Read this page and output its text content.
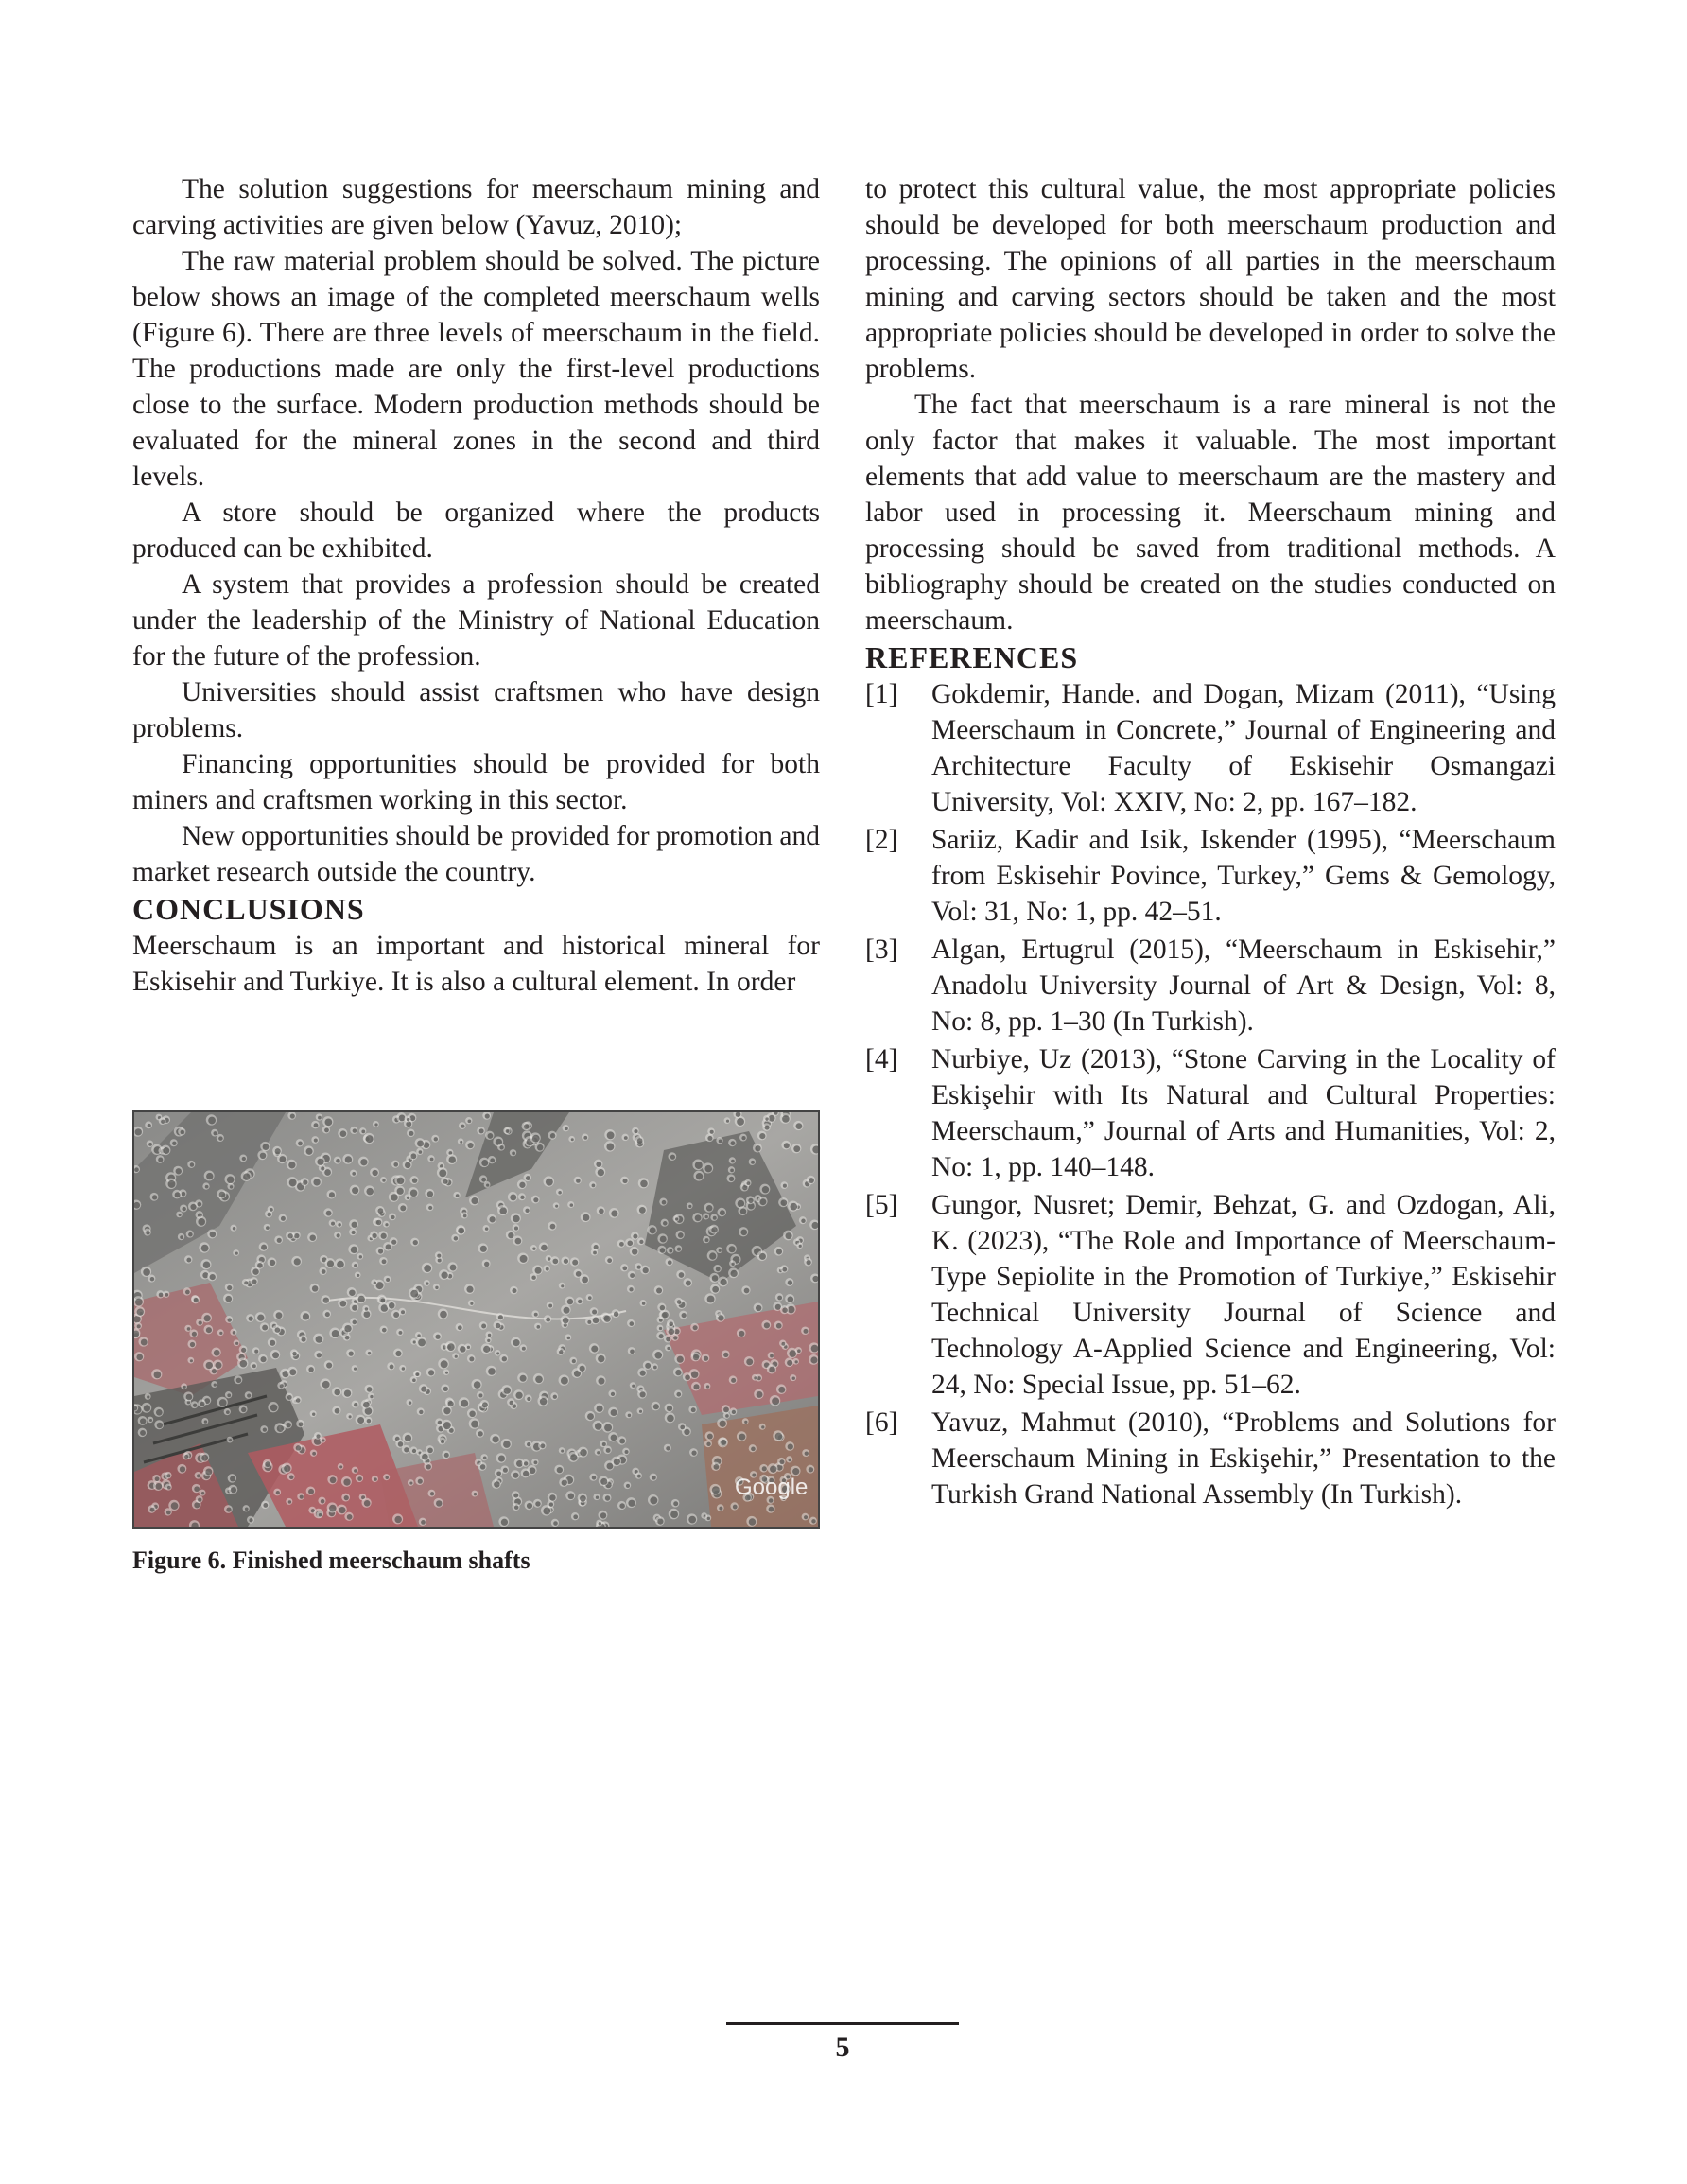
The solution suggestions for meerschaum mining and carving activities are given below (Yavuz, 2010);

The raw material problem should be solved. The picture below shows an image of the completed meerschaum wells (Figure 6). There are three levels of meerschaum in the field. The productions made are only the first-level productions close to the surface. Modern production methods should be evaluated for the mineral zones in the second and third levels.

A store should be organized where the products produced can be exhibited.

A system that provides a profession should be created under the leadership of the Ministry of National Education for the future of the profession.

Universities should assist craftsmen who have design problems.

Financing opportunities should be provided for both miners and craftsmen working in this sector.

New opportunities should be provided for promotion and market research outside the country.

CONCLUSIONS

Meerschaum is an important and historical mineral for Eskisehir and Turkiye. It is also a cultural element. In order

Google
Figure 6. Finished meerschaum shafts

to protect this cultural value, the most appropriate policies should be developed for both meerschaum production and processing. The opinions of all parties in the meerschaum mining and carving sectors should be taken and the most appropriate policies should be developed in order to solve the problems.

The fact that meerschaum is a rare mineral is not the only factor that makes it valuable. The most important elements that add value to meerschaum are the mastery and labor used in processing it. Meerschaum mining and processing should be saved from traditional methods. A bibliography should be created on the studies conducted on meerschaum.

REFERENCES
[1]	Gokdemir, Hande. and Dogan, Mizam (2011), “Using Meerschaum in Concrete,” Journal of Engineering and Architecture Faculty of Eskisehir Osmangazi University, Vol: XXIV, No: 2, pp. 167–182.
[2]	Sariiz, Kadir and Isik, Iskender (1995), “Meerschaum from Eskisehir Povince, Turkey,” Gems & Gemology, Vol: 31, No: 1, pp. 42–51.
[3]	Algan, Ertugrul (2015), “Meerschaum in Eskisehir,” Anadolu University Journal of Art & Design, Vol: 8, No: 8, pp. 1–30 (In Turkish).
[4]	Nurbiye, Uz (2013), “Stone Carving in the Locality of Eskişehir with Its Natural and Cultural Properties: Meerschaum,” Journal of Arts and Humanities, Vol: 2, No: 1, pp. 140–148.
[5]	Gungor, Nusret; Demir, Behzat, G. and Ozdogan, Ali, K. (2023), “The Role and Importance of Meerschaum-Type Sepiolite in the Promotion of Turkiye,” Eskisehir Technical University Journal of Science and Technology A-Applied Science and Engineering, Vol: 24, No: Special Issue, pp. 51–62.
[6]	Yavuz, Mahmut (2010), “Problems and Solutions for Meerschaum Mining in Eskişehir,” Presentation to the Turkish Grand National Assembly (In Turkish).
5
